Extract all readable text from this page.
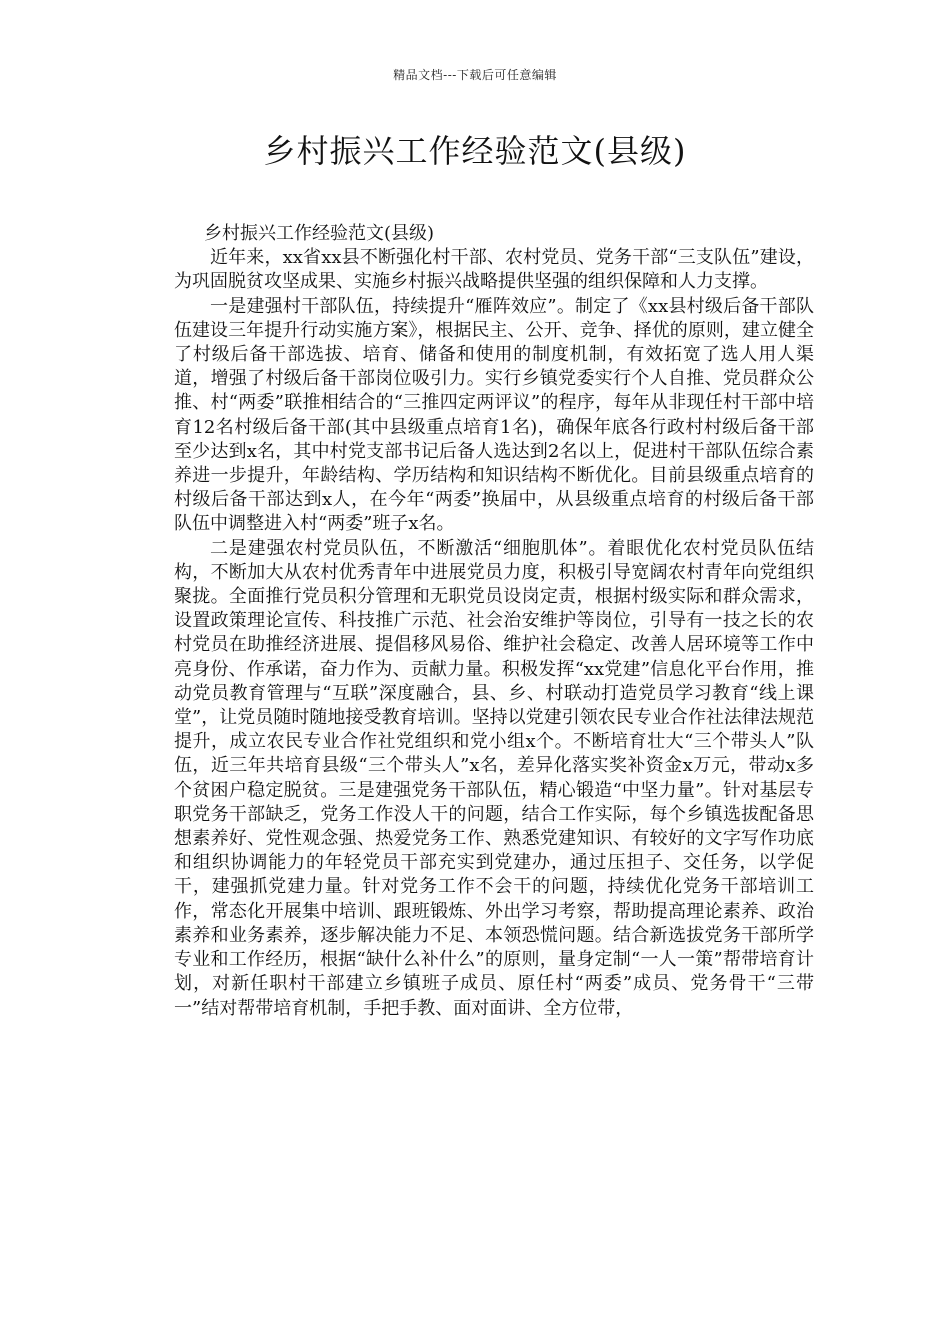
精品文档---下载后可任意编辑
乡村振兴工作经验范文(县级)

乡村振兴工作经验范文(县级)

近年来，xx省xx县不断强化村干部、农村党员、党务干部“三支队伍”建设，为巩固脱贫攻坚成果、实施乡村振兴战略提供坚强的组织保障和人力支撑。

一是建强村干部队伍，持续提升“雁阵效应”。制定了《xx县村级后备干部队伍建设三年提升行动实施方案》，根据民主、公开、竞争、择优的原则，建立健全了村级后备干部选拔、培育、储备和使用的制度机制，有效拓宽了选人用人渠道，增强了村级后备干部岗位吸引力。实行乡镇党委实行个人自推、党员群众公推、村“两委”联推相结合的“三推四定两评议”的程序，每年从非现任村干部中培育12名村级后备干部(其中县级重点培育1名)，确保年底各行政村村级后备干部至少达到x名，其中村党支部书记后备人选达到2名以上，促进村干部队伍综合素养进一步提升，年龄结构、学历结构和知识结构不断优化。目前县级重点培育的村级后备干部达到x人，在今年“两委”换届中，从县级重点培育的村级后备干部队伍中调整进入村“两委”班子x名。

二是建强农村党员队伍，不断激活“细胞肌体”。着眼优化农村党员队伍结构，不断加大从农村优秀青年中进展党员力度，积极引导宽阔农村青年向党组织聚拢。全面推行党员积分管理和无职党员设岗定责，根据村级实际和群众需求，设置政策理论宣传、科技推广示范、社会治安维护等岗位，引导有一技之长的农村党员在助推经济进展、提倡移风易俗、维护社会稳定、改善人居环境等工作中亮身份、作承诺，奋力作为、贡献力量。积极发挥“xx党建”信息化平台作用，推动党员教育管理与“互联”深度融合，县、乡、村联动打造党员学习教育“线上课堂”，让党员随时随地接受教育培训。坚持以党建引领农民专业合作社法律法规范提升，成立农民专业合作社党组织和党小组x个。不断培育壮大“三个带头人”队伍，近三年共培育县级“三个带头人”x名，差异化落实奖补资金x万元，带动x多个贫困户稳定脱贫。三是建强党务干部队伍，精心锻造“中坚力量”。针对基层专职党务干部缺乏，党务工作没人干的问题，结合工作实际，每个乡镇选拔配备思想素养好、党性观念强、热爱党务工作、熟悉党建知识、有较好的文字写作功底和组织协调能力的年轻党员干部充实到党建办，通过压担子、交任务，以学促干，建强抓党建力量。针对党务工作不会干的问题，持续优化党务干部培训工作，常态化开展集中培训、跟班锻炼、外出学习考察，帮助提高理论素养、政治素养和业务素养，逐步解决能力不足、本领恐慌问题。结合新选拔党务干部所学专业和工作经历，根据“缺什么补什么”的原则，量身定制“一人一策”帮带培育计划，对新任职村干部建立乡镇班子成员、原任村“两委”成员、党务骨干“三带一”结对帮带培育机制，手把手教、面对面讲、全方位带，
